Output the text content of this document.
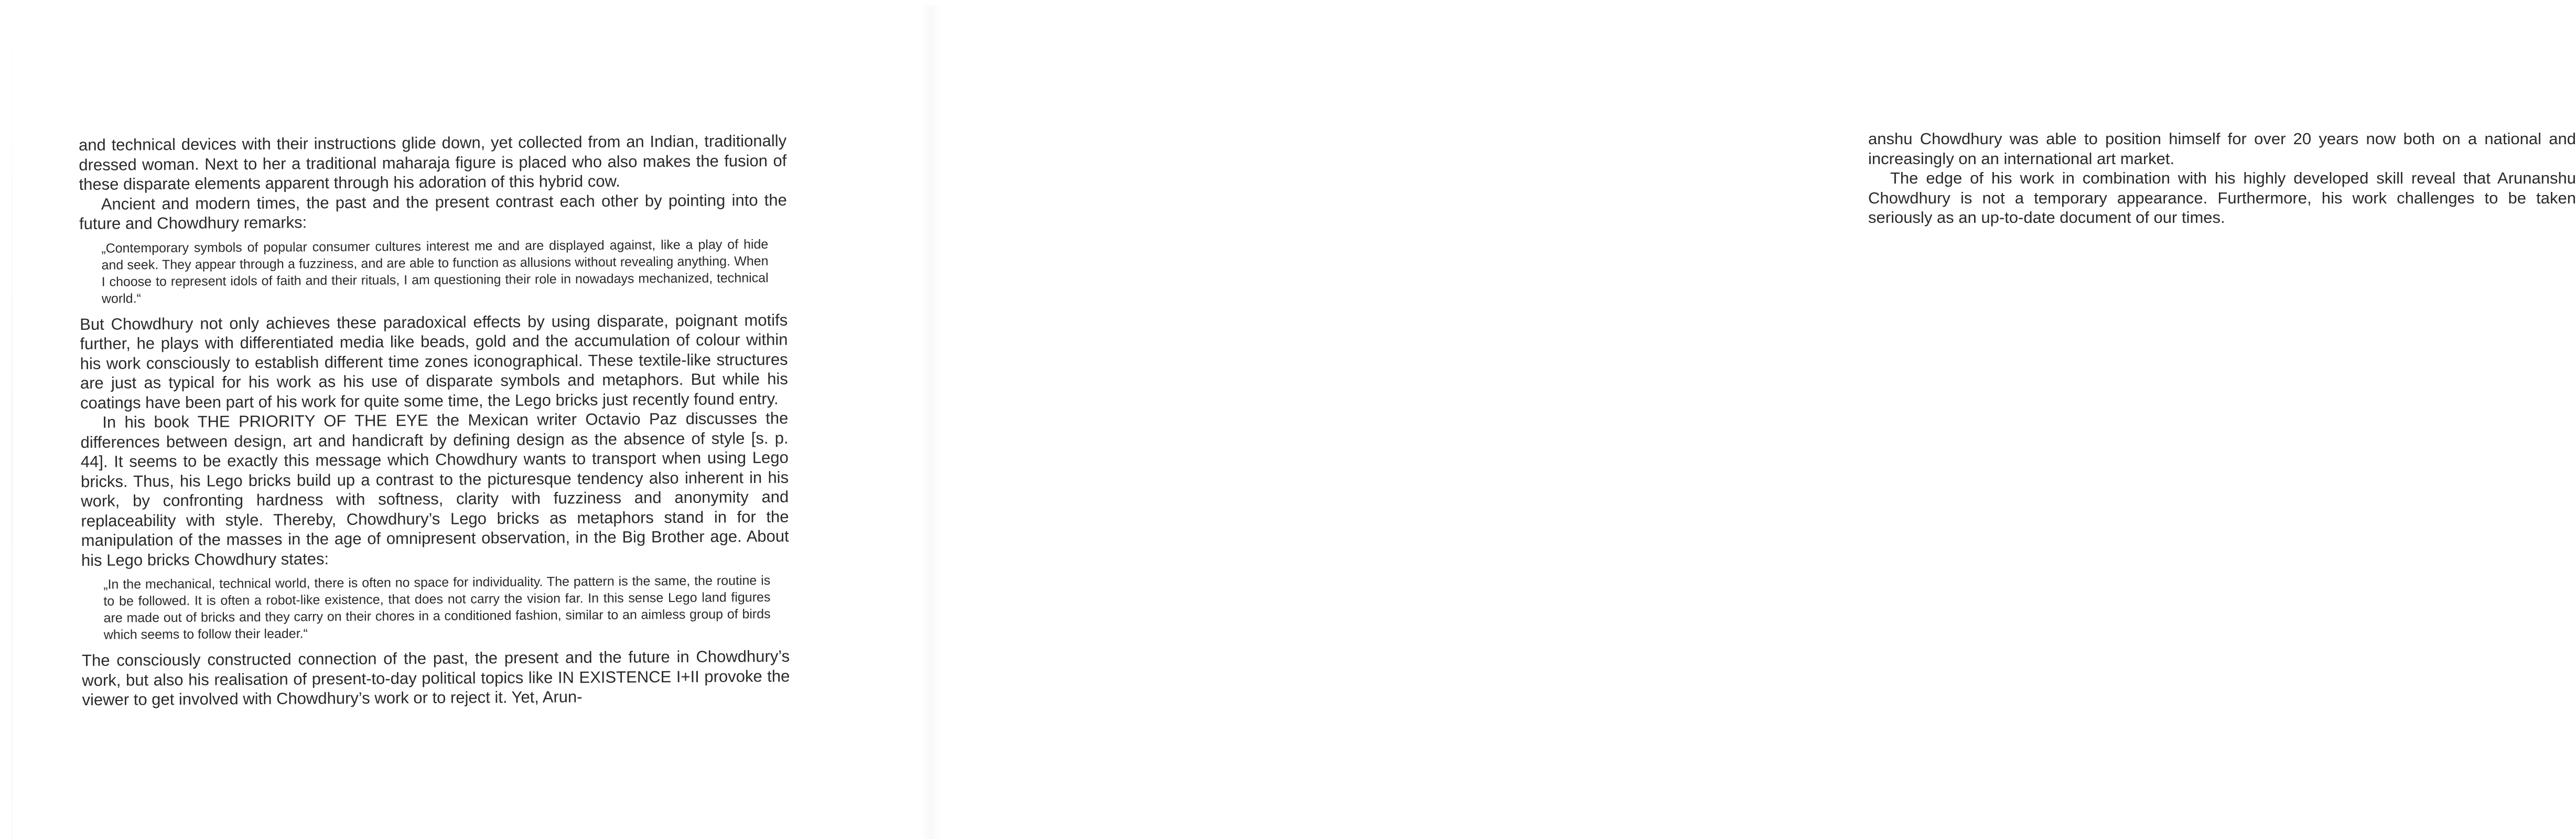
and technical devices with their instructions glide down, yet collected from an Indian, traditionally dressed woman. Next to her a traditional maharaja figure is placed who also makes the fusion of these disparate elements apparent through his adoration of this hybrid cow.

Ancient and modern times, the past and the present contrast each other by pointing into the future and Chowdhury remarks:

„Contemporary symbols of popular consumer cultures interest me and are displayed against, like a play of hide and seek. They appear through a fuzziness, and are able to function as allusions without revealing anything. When I choose to represent idols of faith and their rituals, I am questioning their role in nowadays mechanized, technical world.“

But Chowdhury not only achieves these paradoxical effects by using disparate, poignant motifs further, he plays with differentiated media like beads, gold and the accumulation of colour within his work consciously to establish different time zones iconographical. These textile-like structures are just as typical for his work as his use of disparate symbols and metaphors. But while his coatings have been part of his work for quite some time, the Lego bricks just recently found entry.

In his book THE PRIORITY OF THE EYE the Mexican writer Octavio Paz discusses the differences between design, art and handicraft by defining design as the absence of style [s. p. 44]. It seems to be exactly this message which Chowdhury wants to transport when using Lego bricks. Thus, his Lego bricks build up a contrast to the picturesque tendency also inherent in his work, by confronting hardness with softness, clarity with fuzziness and anonymity and replaceability with style. Thereby, Chowdhury’s Lego bricks as metaphors stand in for the manipulation of the masses in the age of omnipresent observation, in the Big Brother age. About his Lego bricks Chowdhury states:

„In the mechanical, technical world, there is often no space for individuality. The pattern is the same, the routine is to be followed. It is often a robot-like existence, that does not carry the vision far. In this sense Lego land figures are made out of bricks and they carry on their chores in a conditioned fashion, similar to an aimless group of birds which seems to follow their leader.“

The consciously constructed connection of the past, the present and the future in Chowdhury’s work, but also his realisation of present-to-day political topics like IN EXISTENCE I+II provoke the viewer to get involved with Chowdhury’s work or to reject it. Yet, Arun-

anshu Chowdhury was able to position himself for over 20 years now both on a national and increasingly on an international art market.

The edge of his work in combination with his highly developed skill reveal that Arunanshu Chowdhury is not a temporary appearance. Furthermore, his work challenges to be taken seriously as an up-to-date document of our times.
